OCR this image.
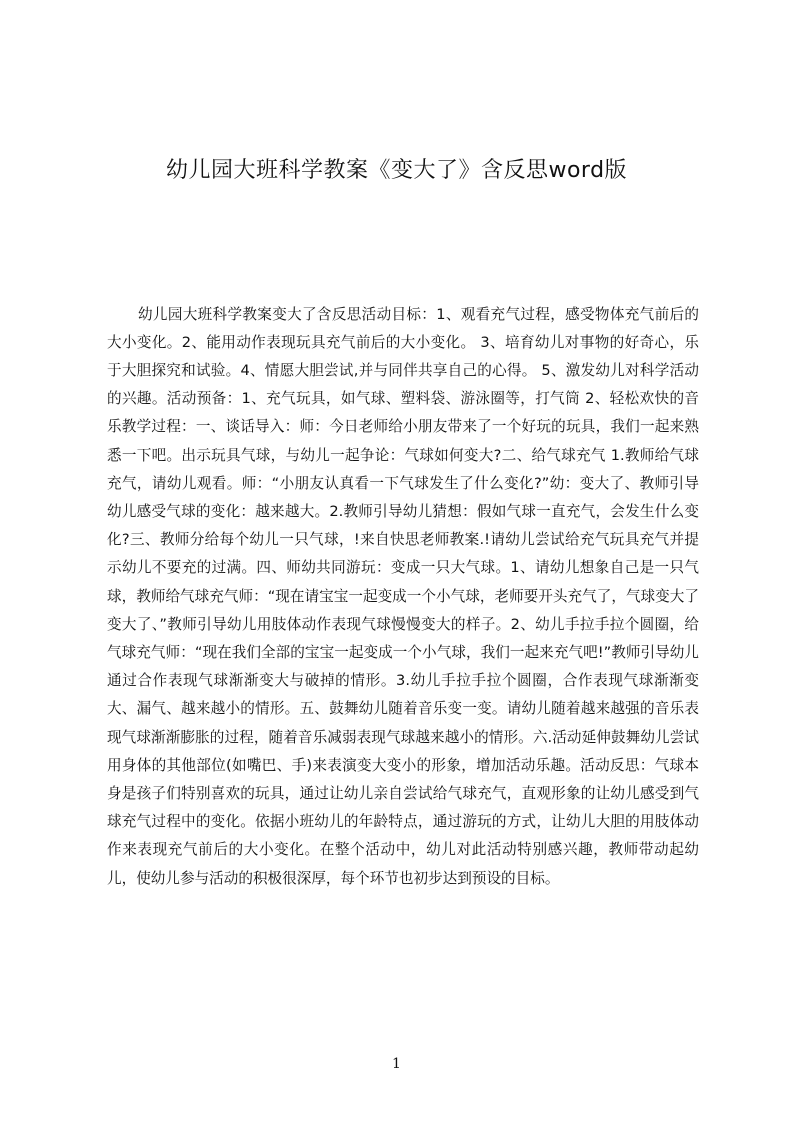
幼儿园大班科学教案《变大了》含反思word版

幼儿园大班科学教案变大了含反思活动目标：1、观看充气过程，感受物体充气前后的大小变化。2、能用动作表现玩具充气前后的大小变化。 3、培育幼儿对事物的好奇心，乐于大胆探究和试验。4、情愿大胆尝试,并与同伴共享自己的心得。 5、激发幼儿对科学活动的兴趣。活动预备：1、充气玩具，如气球、塑料袋、游泳圈等，打气筒 2、轻松欢快的音乐教学过程：一、谈话导入：师：今日老师给小朋友带来了一个好玩的玩具，我们一起来熟悉一下吧。出示玩具气球，与幼儿一起争论：气球如何变大?二、给气球充气 1.教师给气球充气，请幼儿观看。师：“小朋友认真看一下气球发生了什么变化?”幼：变大了、教师引导幼儿感受气球的变化：越来越大。2.教师引导幼儿猜想：假如气球一直充气，会发生什么变化?三、教师分给每个幼儿一只气球，!来自快思老师教案.!请幼儿尝试给充气玩具充气并提示幼儿不要充的过满。四、师幼共同游玩：变成一只大气球。1、请幼儿想象自己是一只气球，教师给气球充气师：“现在请宝宝一起变成一个小气球，老师要开头充气了，气球变大了变大了、”教师引导幼儿用肢体动作表现气球慢慢变大的样子。2、幼儿手拉手拉个圆圈，给气球充气师：“现在我们全部的宝宝一起变成一个小气球，我们一起来充气吧!”教师引导幼儿通过合作表现气球渐渐变大与破掉的情形。3.幼儿手拉手拉个圆圈，合作表现气球渐渐变大、漏气、越来越小的情形。五、鼓舞幼儿随着音乐变一变。请幼儿随着越来越强的音乐表现气球渐渐膨胀的过程，随着音乐减弱表现气球越来越小的情形。六.活动延伸鼓舞幼儿尝试用身体的其他部位(如嘴巴、手)来表演变大变小的形象，增加活动乐趣。活动反思：气球本身是孩子们特别喜欢的玩具，通过让幼儿亲自尝试给气球充气，直观形象的让幼儿感受到气球充气过程中的变化。依据小班幼儿的年龄特点，通过游玩的方式，让幼儿大胆的用肢体动作来表现充气前后的大小变化。在整个活动中，幼儿对此活动特别感兴趣，教师带动起幼儿，使幼儿参与活动的积极很深厚，每个环节也初步达到预设的目标。

1
